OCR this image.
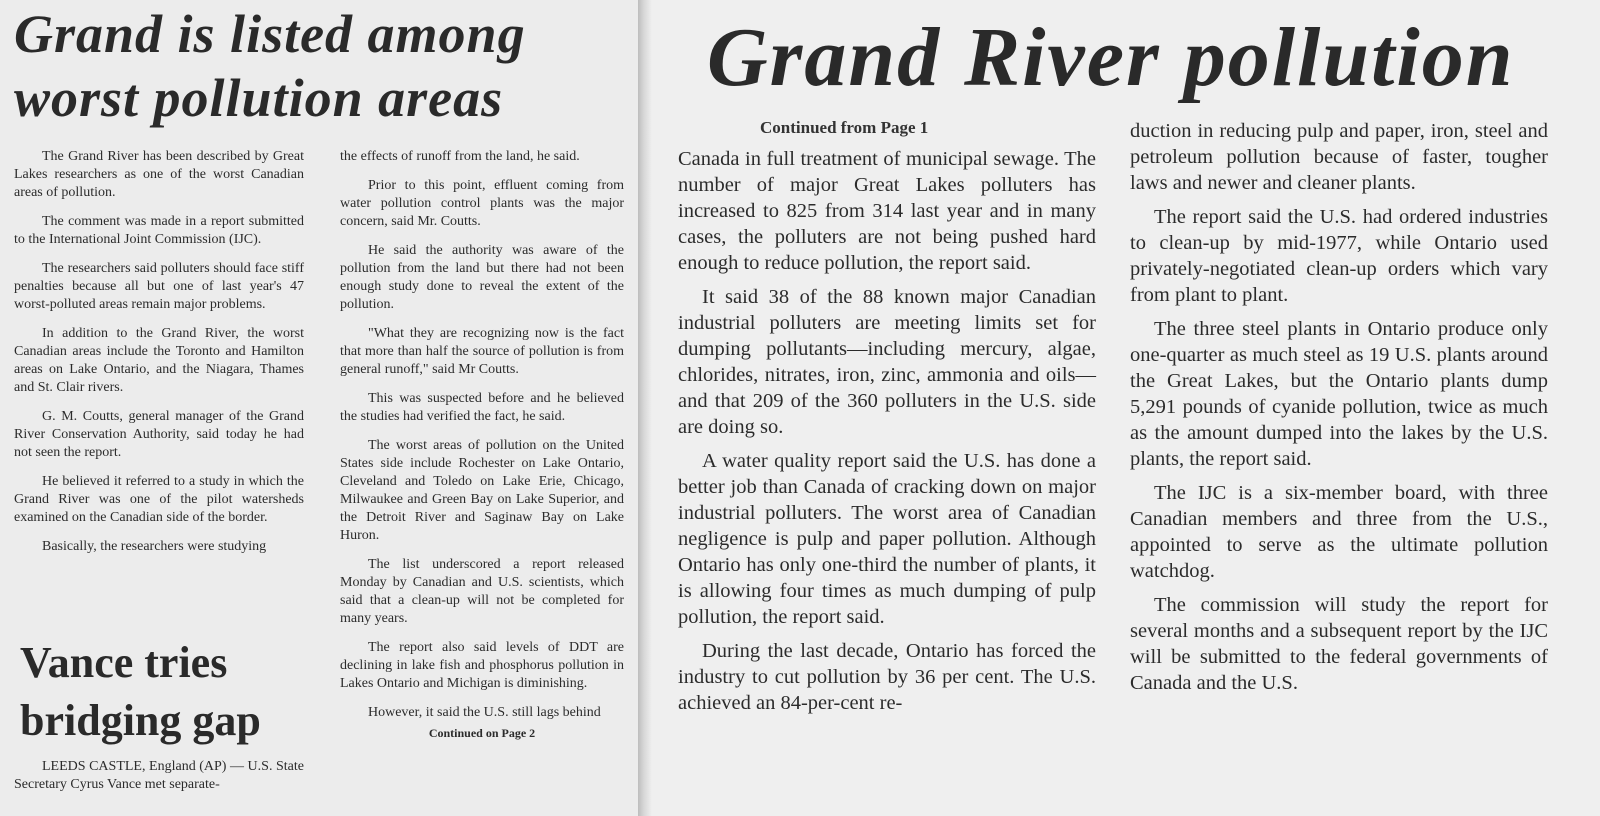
Grand is listed among worst pollution areas

The Grand River has been described by Great Lakes researchers as one of the worst Canadian areas of pollution.

The comment was made in a report submitted to the International Joint Commission (IJC).

The researchers said polluters should face stiff penalties because all but one of last year's 47 worst-polluted areas remain major problems.

In addition to the Grand River, the worst Canadian areas include the Toronto and Hamilton areas on Lake Ontario, and the Niagara, Thames and St. Clair rivers.

G. M. Coutts, general manager of the Grand River Conservation Authority, said today he had not seen the report.

He believed it referred to a study in which the Grand River was one of the pilot watersheds examined on the Canadian side of the border.

Basically, the researchers were studying

the effects of runoff from the land, he said.

Prior to this point, effluent coming from water pollution control plants was the major concern, said Mr. Coutts.

He said the authority was aware of the pollution from the land but there had not been enough study done to reveal the extent of the pollution.

"What they are recognizing now is the fact that more than half the source of pollution is from general runoff," said Mr Coutts.

This was suspected before and he believed the studies had verified the fact, he said.

The worst areas of pollution on the United States side include Rochester on Lake Ontario, Cleveland and Toledo on Lake Erie, Chicago, Milwaukee and Green Bay on Lake Superior, and the Detroit River and Saginaw Bay on Lake Huron.

The list underscored a report released Monday by Canadian and U.S. scientists, which said that a clean-up will not be completed for many years.

The report also said levels of DDT are declining in lake fish and phosphorus pollution in Lakes Ontario and Michigan is diminishing.

However, it said the U.S. still lags behind

Continued on Page 2
Vance tries bridging gap

LEEDS CASTLE, England (AP) — U.S. State Secretary Cyrus Vance met separate-

Grand River pollution
Continued from Page 1

Canada in full treatment of municipal sewage. The number of major Great Lakes polluters has increased to 825 from 314 last year and in many cases, the polluters are not being pushed hard enough to reduce pollution, the report said.

It said 38 of the 88 known major Canadian industrial polluters are meeting limits set for dumping pollutants—including mercury, algae, chlorides, nitrates, iron, zinc, ammonia and oils—and that 209 of the 360 polluters in the U.S. side are doing so.

A water quality report said the U.S. has done a better job than Canada of cracking down on major industrial polluters. The worst area of Canadian negligence is pulp and paper pollution. Although Ontario has only one-third the number of plants, it is allowing four times as much dumping of pulp pollution, the report said.

During the last decade, Ontario has forced the industry to cut pollution by 36 per cent. The U.S. achieved an 84-per-cent re-

duction in reducing pulp and paper, iron, steel and petroleum pollution because of faster, tougher laws and newer and cleaner plants.

The report said the U.S. had ordered industries to clean-up by mid-1977, while Ontario used privately-negotiated clean-up orders which vary from plant to plant.

The three steel plants in Ontario produce only one-quarter as much steel as 19 U.S. plants around the Great Lakes, but the Ontario plants dump 5,291 pounds of cyanide pollution, twice as much as the amount dumped into the lakes by the U.S. plants, the report said.

The IJC is a six-member board, with three Canadian members and three from the U.S., appointed to serve as the ultimate pollution watchdog.

The commission will study the report for several months and a subsequent report by the IJC will be submitted to the federal governments of Canada and the U.S.
